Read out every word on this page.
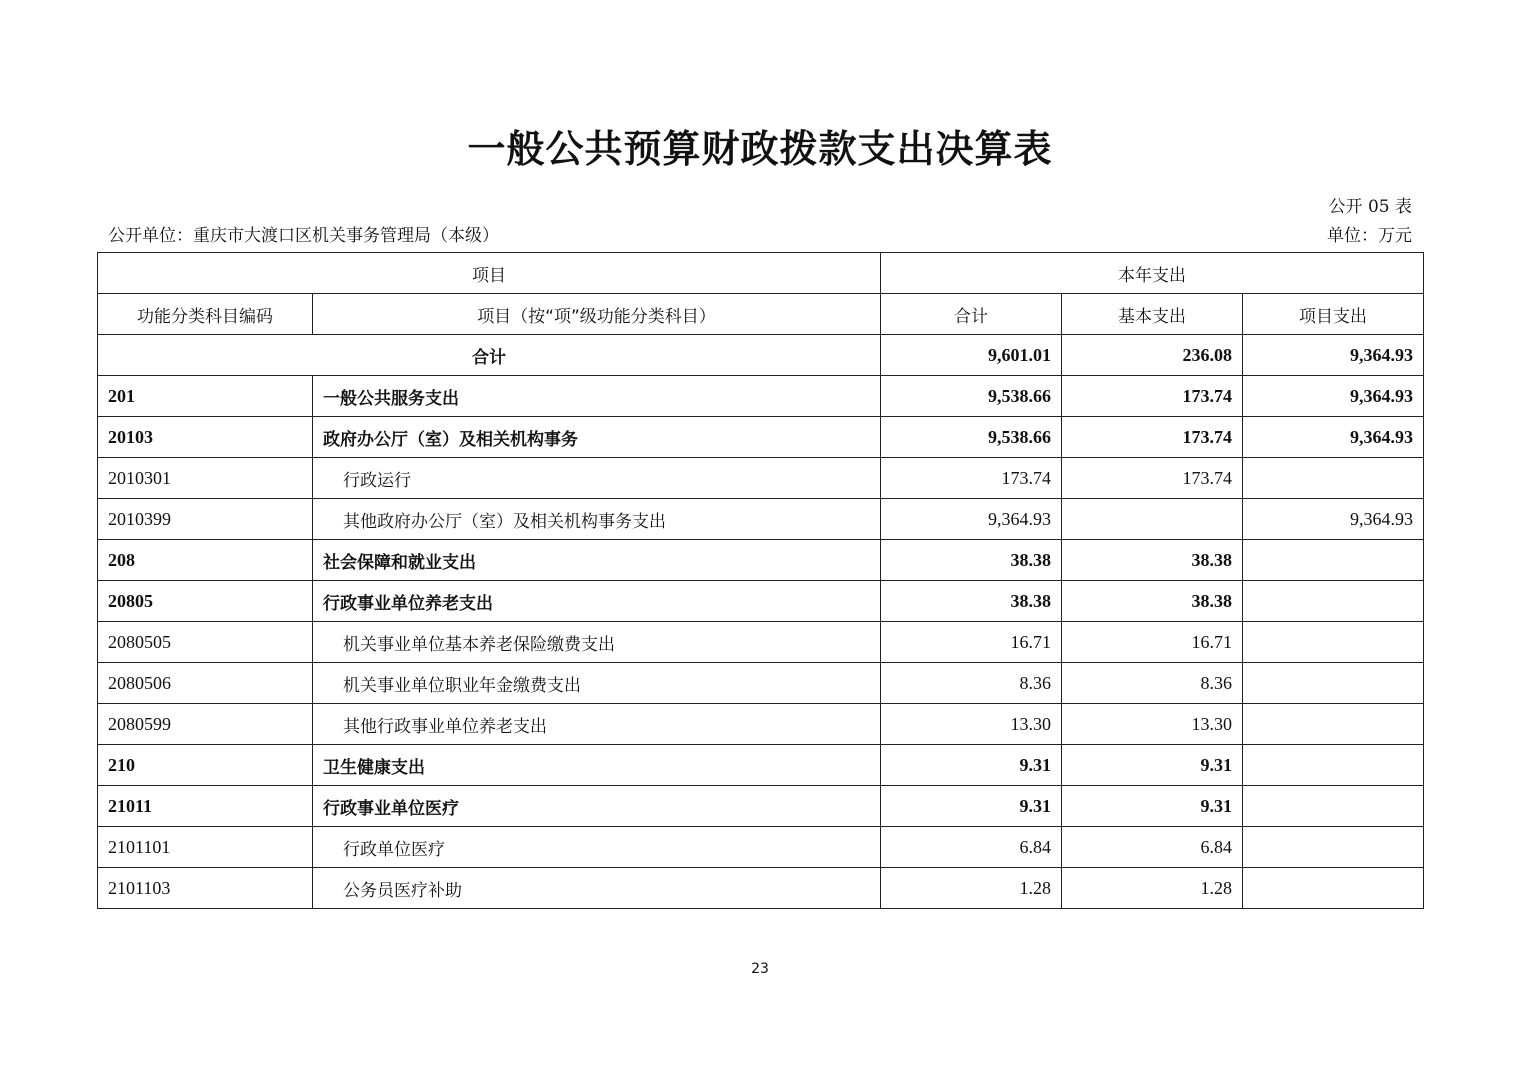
一般公共预算财政拨款支出决算表
公开 05 表
公开单位：重庆市大渡口区机关事务管理局（本级）	单位：万元
项目		本年支出		
功能分类科目编码	项目（按“项”级功能分类科目）	合计	基本支出	项目支出
合计		9,601.01	236.08	9,364.93
201	一般公共服务支出	9,538.66	173.74	9,364.93
20103	政府办公厅（室）及相关机构事务	9,538.66	173.74	9,364.93
2010301	行政运行	173.74	173.74	
2010399	其他政府办公厅（室）及相关机构事务支出	9,364.93		9,364.93
208	社会保障和就业支出	38.38	38.38	
20805	行政事业单位养老支出	38.38	38.38	
2080505	机关事业单位基本养老保险缴费支出	16.71	16.71	
2080506	机关事业单位职业年金缴费支出	8.36	8.36	
2080599	其他行政事业单位养老支出	13.30	13.30	
210	卫生健康支出	9.31	9.31	
21011	行政事业单位医疗	9.31	9.31	
2101101	行政单位医疗	6.84	6.84	
2101103	公务员医疗补助	1.28	1.28	
23
